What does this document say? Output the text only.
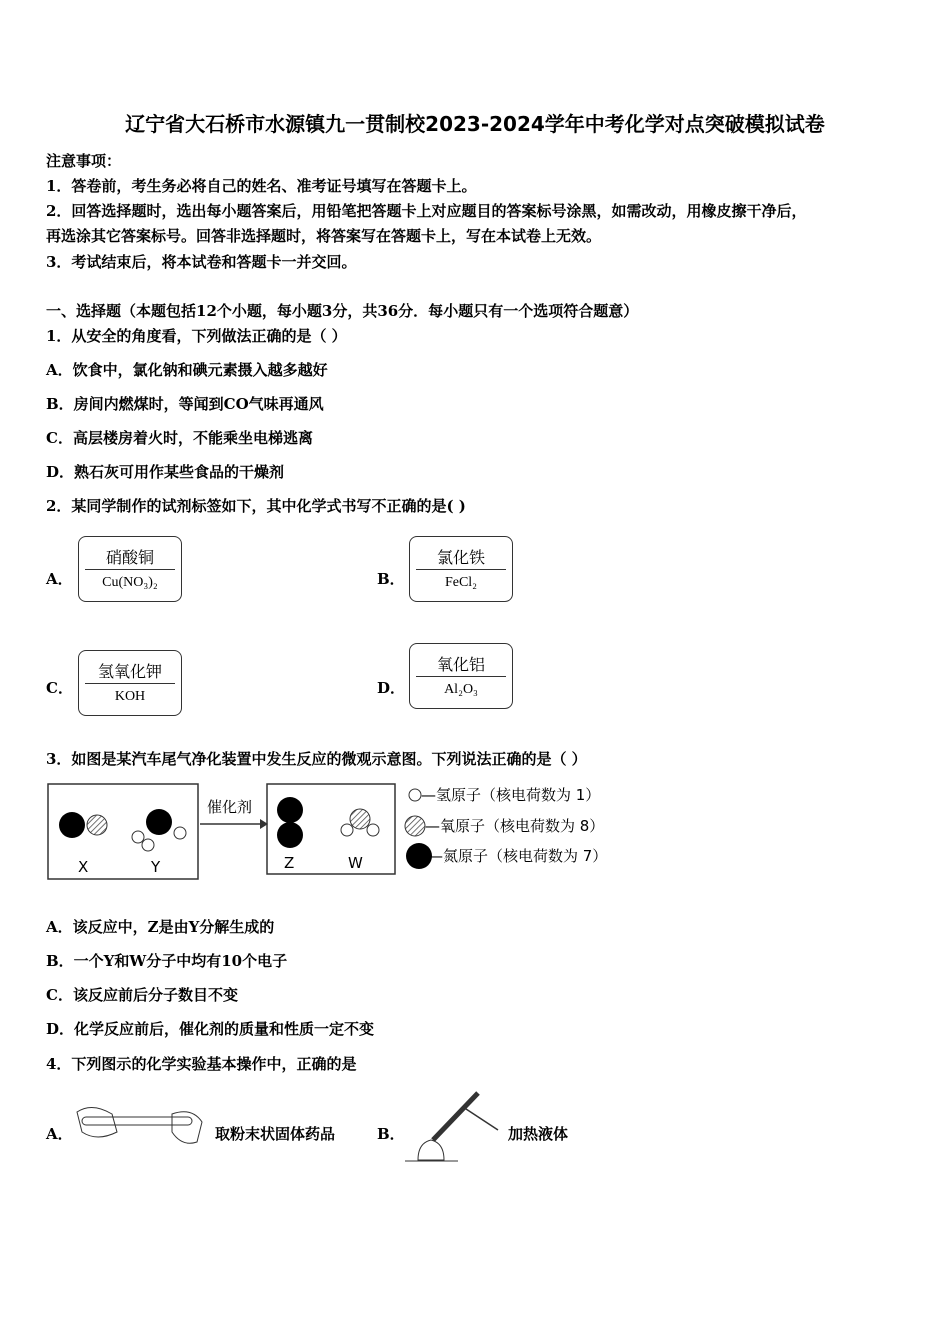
辽宁省大石桥市水源镇九一贯制校2023-2024学年中考化学对点突破模拟试卷
注意事项：
1．答卷前，考生务必将自己的姓名、准考证号填写在答题卡上。
2．回答选择题时，选出每小题答案后，用铅笔把答题卡上对应题目的答案标号涂黑，如需改动，用橡皮擦干净后，
再选涂其它答案标号。回答非选择题时，将答案写在答题卡上，写在本试卷上无效。
3．考试结束后，将本试卷和答题卡一并交回。
一、选择题（本题包括12个小题，每小题3分，共36分．每小题只有一个选项符合题意）
1．从安全的角度看，下列做法正确的是（ ）
A．饮食中，氯化钠和碘元素摄入越多越好
B．房间内燃煤时，等闻到CO气味再通风
C．高层楼房着火时，不能乘坐电梯逃离
D．熟石灰可用作某些食品的干燥剂
2．某同学制作的试剂标签如下，其中化学式书写不正确的是( )
A．
硝酸铜
Cu(NO₃)₂	B．
氯化铁
FeCl₂
C．
氢氧化钾
KOH	D．
氧化铝
Al₂O₃
3．如图是某汽车尾气净化装置中发生反应的微观示意图。下列说法正确的是（ ）
X	Y
催化剂
Z	W
—氢原子（核电荷数为 1）
—氧原子（核电荷数为 8）
—氮原子（核电荷数为 7）
A．该反应中，Z是由Y分解生成的
B．一个Y和W分子中均有10个电子
C．该反应前后分子数目不变
D．化学反应前后，催化剂的质量和性质一定不变
4．下列图示的化学实验基本操作中，正确的是
A．	取粉末状固体药品	B．	加热液体
